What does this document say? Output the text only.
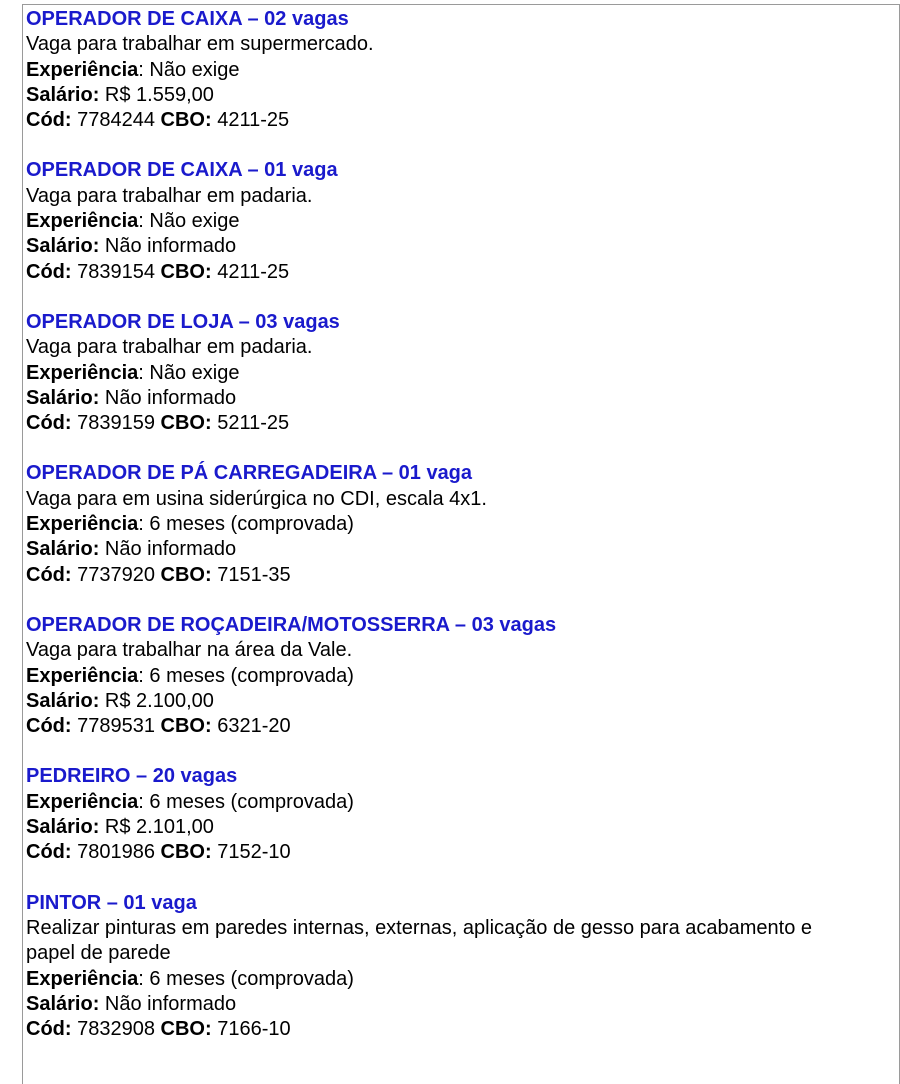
OPERADOR DE CAIXA – 02 vagas
Vaga para trabalhar em supermercado.
Experiência: Não exige
Salário: R$ 1.559,00
Cód: 7784244 CBO: 4211-25
OPERADOR DE CAIXA – 01 vaga
Vaga para trabalhar em padaria.
Experiência: Não exige
Salário: Não informado
Cód: 7839154 CBO: 4211-25
OPERADOR DE LOJA – 03 vagas
Vaga para trabalhar em padaria.
Experiência: Não exige
Salário: Não informado
Cód: 7839159 CBO: 5211-25
OPERADOR DE PÁ CARREGADEIRA – 01 vaga
Vaga para em usina siderúrgica no CDI, escala 4x1.
Experiência: 6 meses (comprovada)
Salário: Não informado
Cód: 7737920 CBO: 7151-35
OPERADOR DE ROÇADEIRA/MOTOSSERRA – 03 vagas
Vaga para trabalhar na área da Vale.
Experiência: 6 meses (comprovada)
Salário: R$ 2.100,00
Cód: 7789531 CBO: 6321-20
PEDREIRO – 20 vagas
Experiência: 6 meses (comprovada)
Salário: R$ 2.101,00
Cód: 7801986 CBO: 7152-10
PINTOR – 01 vaga
Realizar pinturas em paredes internas, externas, aplicação de gesso para acabamento e papel de parede
Experiência: 6 meses (comprovada)
Salário: Não informado
Cód: 7832908 CBO: 7166-10
